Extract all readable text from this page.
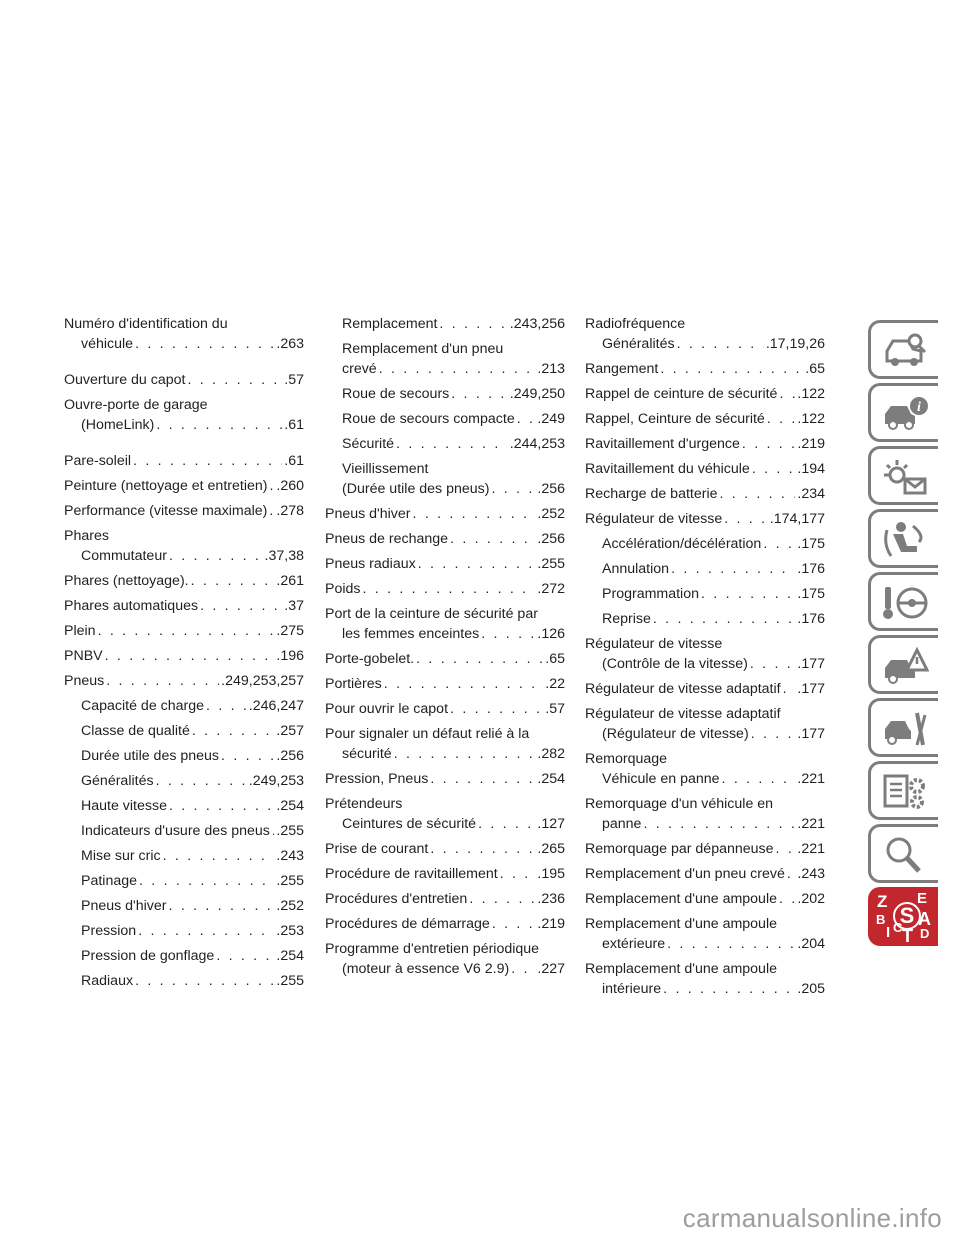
Numéro d'identification du
véhicule . . .	.263
Ouverture du capot . . .	.57
Ouvre-porte de garage
(HomeLink) . . .	.61
Pare-soleil . . .	.61
Peinture (nettoyage et entretien) . . . .260
Performance (vitesse maximale) . . . .278
Phares
Commutateur . . .	.37,38
Phares (nettoyage). . . .	.261
Phares automatiques . . .	.37
Plein . . .	.275
PNBV . . .	.196
Pneus . . .	.249,253,257
Capacité de charge . . .	.246,247
Classe de qualité . . .	.257
Durée utile des pneus . . .	.256
Généralités . . .	.249,253
Haute vitesse . . .	.254
Indicateurs d'usure des pneus . . . .255
Mise sur cric . . .	.243
Patinage . . .	.255
Pneus d'hiver . . .	.252
Pression . . .	.253
Pression de gonflage . . .	.254
Radiaux . . .	.255
Remplacement . . .	.243,256
Remplacement d'un pneu
crevé . . .	.213
Roue de secours . . .	.249,250
Roue de secours compacte . . . .249
Sécurité . . .	.244,253
Vieillissement
(Durée utile des pneus) . . .	.256
Pneus d'hiver . . .	.252
Pneus de rechange . . .	.256
Pneus radiaux . . .	.255
Poids . . .	.272
Port de la ceinture de sécurité par
les femmes enceintes . . .	.126
Porte-gobelet. . . .	.65
Portières . . .	.22
Pour ouvrir le capot . . .	.57
Pour signaler un défaut relié à la
sécurité . . .	.282
Pression, Pneus . . .	.254
Prétendeurs
Ceintures de sécurité . . .	.127
Prise de courant . . .	.265
Procédure de ravitaillement . . .	.195
Procédures d'entretien . . .	.236
Procédures de démarrage . . .	.219
Programme d'entretien périodique
(moteur à essence V6 2.9) . . . .227
Radiofréquence
Généralités . . .	.17,19,26
Rangement . . .	.65
Rappel de ceinture de sécurité . . . .122
Rappel, Ceinture de sécurité . . . .122
Ravitaillement d'urgence . . .	.219
Ravitaillement du véhicule . . .	.194
Recharge de batterie . . .	.234
Régulateur de vitesse . . .	.174,177
Accélération/décélération . . .	.175
Annulation . . .	.176
Programmation . . .	.175
Reprise . . .	.176
Régulateur de vitesse
(Contrôle de la vitesse) . . .	.177
Régulateur de vitesse adaptatif . . . .177
Régulateur de vitesse adaptatif
(Régulateur de vitesse) . . .	.177
Remorquage
Véhicule en panne . . .	.221
Remorquage d'un véhicule en
panne . . .	.221
Remorquage par dépanneuse . . . .221
Remplacement d'un pneu crevé . . . .243
Remplacement d'une ampoule . . . .202
Remplacement d'une ampoule
extérieure . . .	.204
Remplacement d'une ampoule
intérieure . . .	.205
i
Z E
B S A
I C T D
carmanualsonline.info
